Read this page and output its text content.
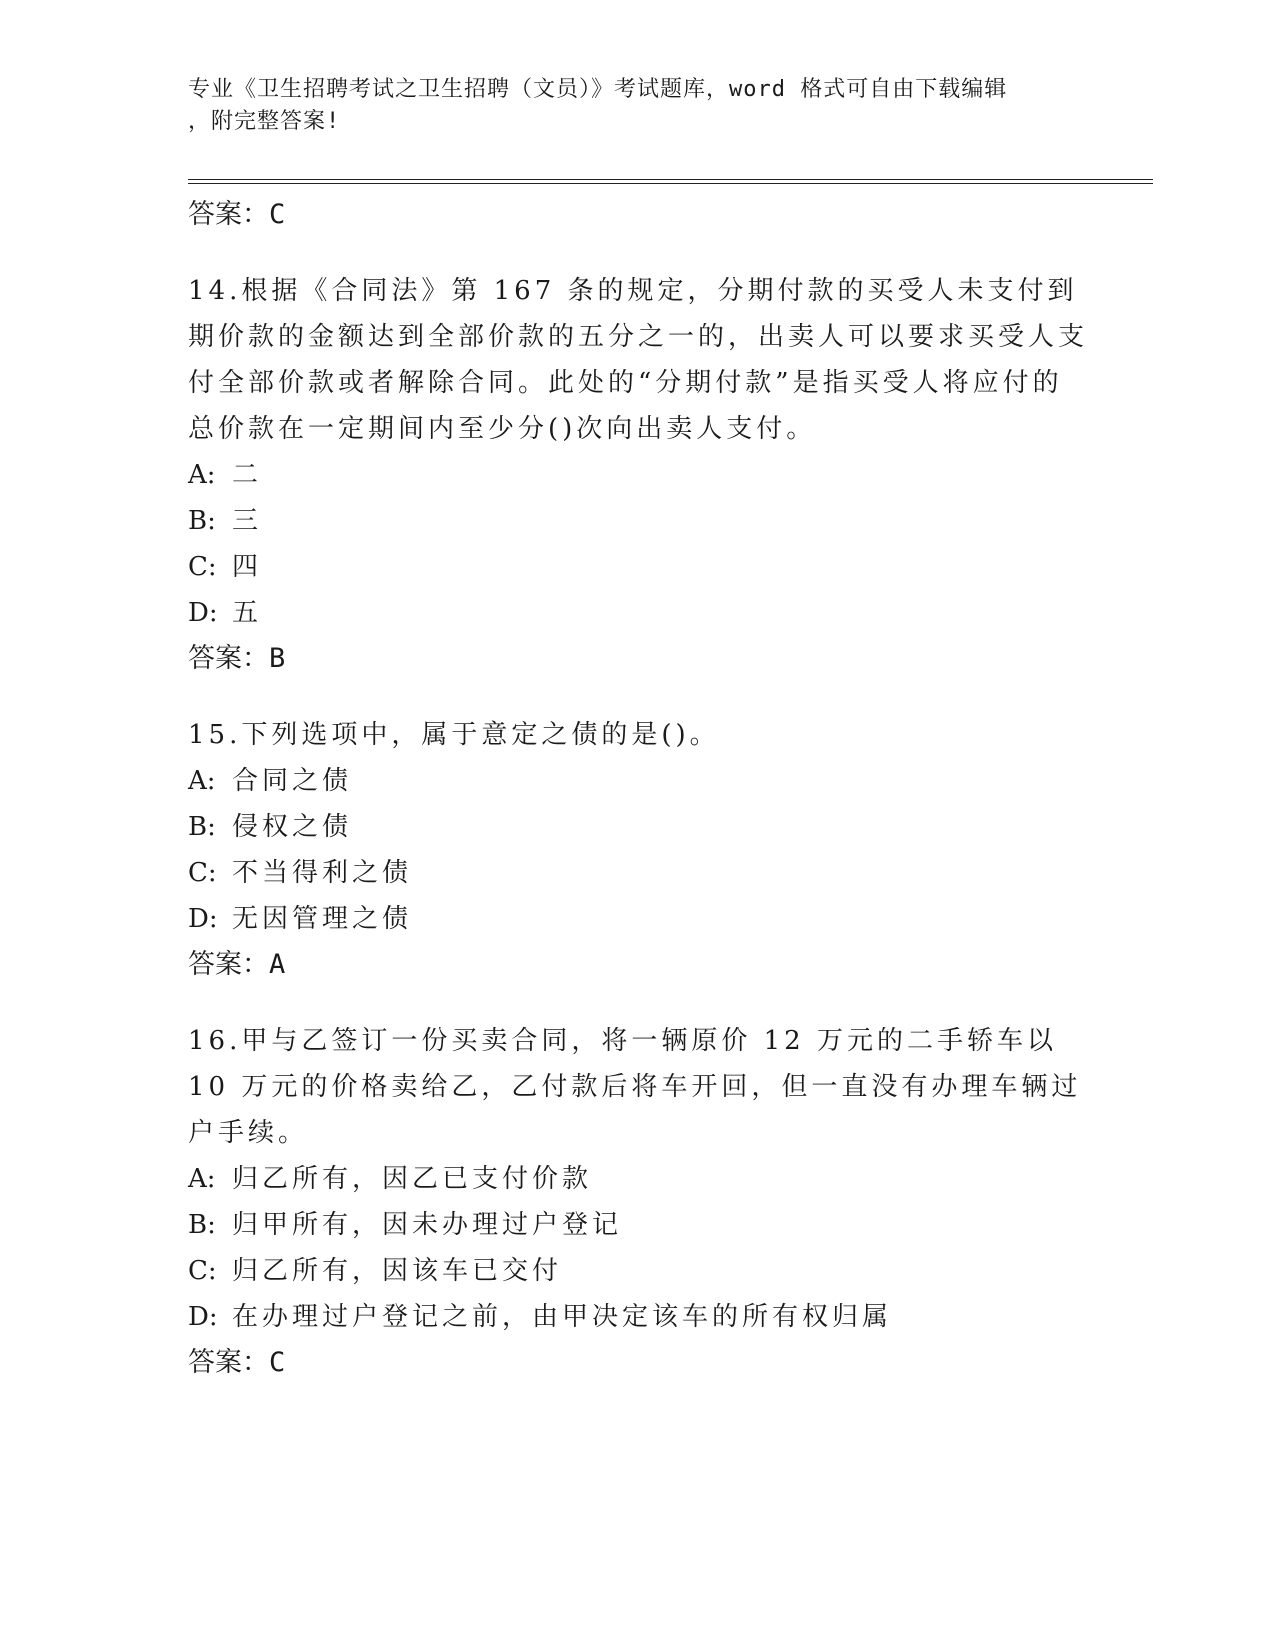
专业《卫生招聘考试之卫生招聘（文员）》考试题库，word 格式可自由下载编辑
，附完整答案!
答案：C
14.根据《合同法》第 167 条的规定，分期付款的买受人未支付到期价款的金额达到全部价款的五分之一的，出卖人可以要求买受人支付全部价款或者解除合同。此处的“分期付款”是指买受人将应付的总价款在一定期间内至少分()次向出卖人支付。
A: 二
B: 三
C: 四
D: 五
答案：B
15.下列选项中，属于意定之债的是()。
A: 合同之债
B: 侵权之债
C: 不当得利之债
D: 无因管理之债
答案：A
16.甲与乙签订一份买卖合同，将一辆原价 12 万元的二手轿车以 10 万元的价格卖给乙，乙付款后将车开回，但一直没有办理车辆过户手续。
A: 归乙所有，因乙已支付价款
B: 归甲所有，因未办理过户登记
C: 归乙所有，因该车已交付
D: 在办理过户登记之前，由甲决定该车的所有权归属
答案：C
